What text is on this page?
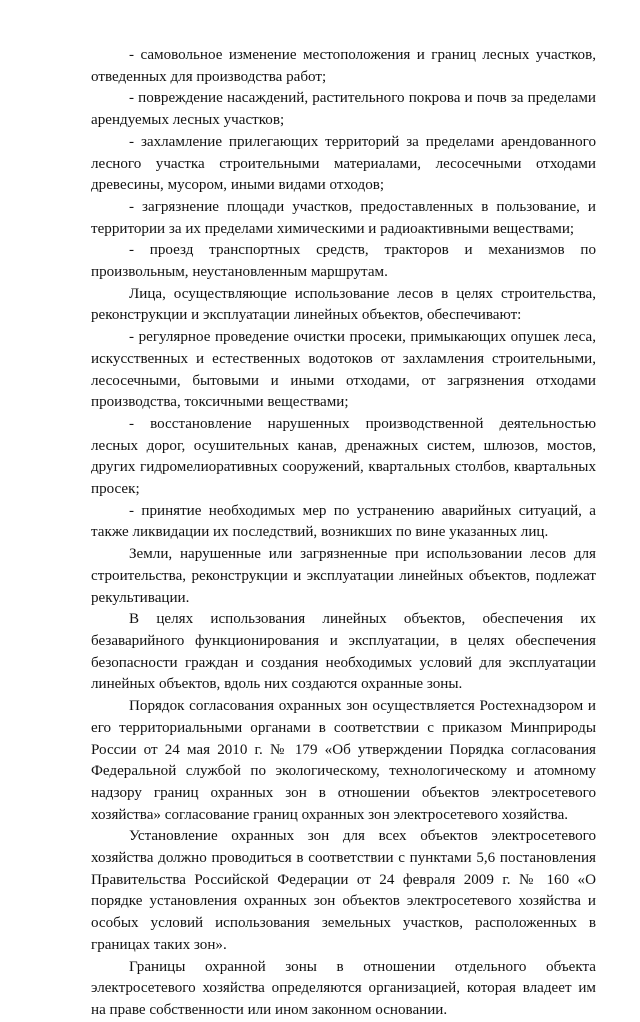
- самовольное изменение местоположения и границ лесных участков, отведенных для производства работ;

- повреждение насаждений, растительного покрова и почв за пределами арендуемых лесных участков;

- захламление прилегающих территорий за пределами арендованного лесного участка строительными материалами, лесосечными отходами древесины, мусором, иными видами отходов;

- загрязнение площади участков, предоставленных в пользование, и территории за их пределами химическими и радиоактивными веществами;

- проезд транспортных средств, тракторов и механизмов по произвольным, неустановленным маршрутам.

Лица, осуществляющие использование лесов в целях строительства, реконструкции и эксплуатации линейных объектов, обеспечивают:

- регулярное проведение очистки просеки, примыкающих опушек леса, искусственных и естественных водотоков от захламления строительными, лесосечными, бытовыми и иными отходами, от загрязнения отходами производства, токсичными веществами;

- восстановление нарушенных производственной деятельностью лесных дорог, осушительных канав, дренажных систем, шлюзов, мостов, других гидромелиоративных сооружений, квартальных столбов, квартальных просек;

- принятие необходимых мер по устранению аварийных ситуаций, а также ликвидации их последствий, возникших по вине указанных лиц.

Земли, нарушенные или загрязненные при использовании лесов для строительства, реконструкции и эксплуатации линейных объектов, подлежат рекультивации.

В целях использования линейных объектов, обеспечения их безаварийного функционирования и эксплуатации, в целях обеспечения безопасности граждан и создания необходимых условий для эксплуатации линейных объектов, вдоль них создаются охранные зоны.

Порядок согласования охранных зон осуществляется Ростехнадзором и его территориальными органами в соответствии с приказом Минприроды России от 24 мая 2010 г. № 179 «Об утверждении Порядка согласования Федеральной службой по экологическому, технологическому и атомному надзору границ охранных зон в отношении объектов электросетевого хозяйства» согласование границ охранных зон электросетевого хозяйства.

Установление охранных зон для всех объектов электросетевого хозяйства должно проводиться в соответствии с пунктами 5,6 постановления Правительства Российской Федерации от 24 февраля 2009 г. № 160 «О порядке установления охранных зон объектов электросетевого хозяйства и особых условий использования земельных участков, расположенных в границах таких зон».

Границы охранной зоны в отношении отдельного объекта электросетевого хозяйства определяются организацией, которая владеет им на праве собственности или ином законном основании.
